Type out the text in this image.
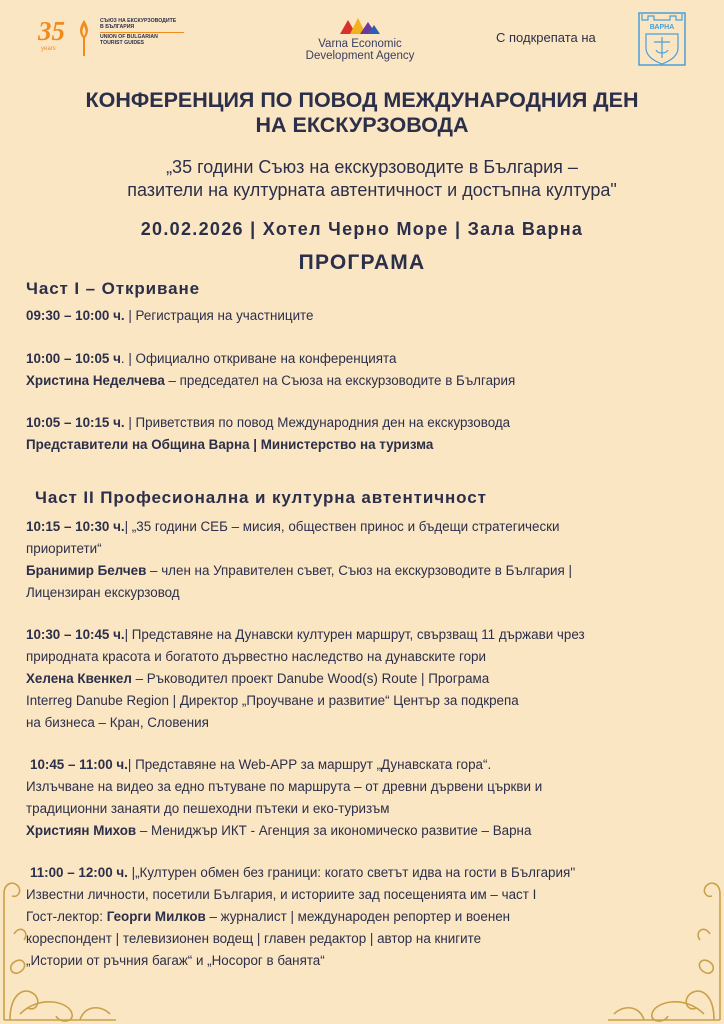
35
years
СЪЮЗ НА ЕКСКУРЗОВОДИТЕ
В БЪЛГАРИЯ
UNION OF BULGARIAN
TOURIST GUIDES	Varna Economic
Development Agency
С подкрепата на
ВАРНА
КОНФЕРЕНЦИЯ ПО ПОВОД МЕЖДУНАРОДНИЯ ДЕН
НА ЕКСКУРЗОВОДА
„35 години Съюз на екскурзоводите в България –
пазители на културната автентичност и достъпна култура"
20.02.2026 | Хотел Черно Море | Зала Варна
ПРОГРАМА
Част I – Откриване
09:30 – 10:00 ч. | Регистрация на участниците
10:00 – 10:05 ч. | Официално откриване на конференцията
Христина Неделчева – председател на Съюза на екскурзоводите в България
10:05 – 10:15 ч. | Приветствия по повод Международния ден на екскурзовода
Представители на Община Варна | Министерство на туризма
Част II Професионална и културна автентичност
10:15 – 10:30 ч.| „35 години СЕБ – мисия, обществен принос и бъдещи стратегически
приоритети“
Бранимир Белчев – член на Управителен съвет, Съюз на екскурзоводите в България |
Лицензиран екскурзовод
10:30 – 10:45 ч.| Представяне на Дунавски културен маршрут, свързващ 11 държави чрез
природната красота и богатото дървестно наследство на дунавските гори
Хелена Квенкел – Ръководител проект Danube Wood(s) Route | Програма
Interreg Danube Region | Директор „Проучване и развитие“ Център за подкрепа
на бизнеса – Кран, Словения
10:45 – 11:00 ч.| Представяне на Web-APP за маршрут „Дунавската гора“.
Излъчване на видео за едно пътуване по маршрута – от древни дървени църкви и
традиционни занаяти до пешеходни пътеки и еко-туризъм
Християн Михов – Мениджър ИКТ - Агенция за икономическо развитие – Варна
11:00 – 12:00 ч. |„Културен обмен без граници: когато светът идва на гости в България''
Известни личности, посетили България, и историите зад посещенията им – част I
Гост-лектор: Георги Милков – журналист | международен репортер и военен
кореспондент | телевизионен водещ | главен редактор | автор на книгите
„Истории от ръчния багаж“ и „Носорог в банята“
